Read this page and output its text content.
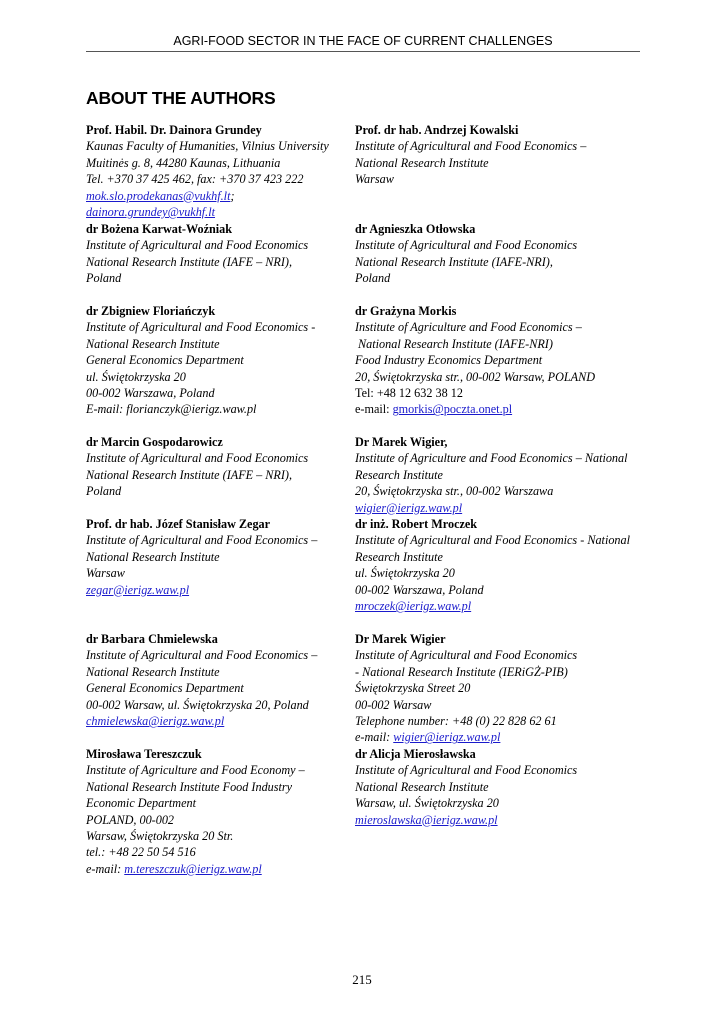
AGRI-FOOD SECTOR IN THE FACE OF CURRENT CHALLENGES
ABOUT THE AUTHORS
Prof. Habil. Dr. Dainora Grundey
Kaunas Faculty of Humanities, Vilnius University
Muitinės g. 8, 44280 Kaunas, Lithuania
Tel. +370 37 425 462, fax: +370 37 423 222
mok.slo.prodekanas@vukhf.lt;
dainora.grundey@vukhf.lt
dr Bożena Karwat-Woźniak
Institute of Agricultural and Food Economics
National Research Institute (IAFE – NRI),
Poland
dr Zbigniew Floriańczyk
Institute of Agricultural and Food Economics -
National Research Institute
General Economics Department
ul. Świętokrzyska 20
00-002 Warszawa, Poland
E-mail: florianczyk@ierigz.waw.pl
dr Marcin Gospodarowicz
Institute of Agricultural and Food Economics
National Research Institute (IAFE – NRI),
Poland
Prof. dr hab. Józef Stanisław Zegar
Institute of Agricultural and Food Economics –
National Research Institute
Warsaw
zegar@ierigz.waw.pl
dr Barbara Chmielewska
Institute of Agricultural and Food Economics –
National Research Institute
General Economics Department
00-002 Warsaw, ul. Świętokrzyska 20, Poland
chmielewska@ierigz.waw.pl
Mirosława Tereszczuk
Institute of Agriculture and Food Economy –
National Research Institute Food Industry
Economic Department
POLAND, 00-002
Warsaw, Świętokrzyska 20 Str.
tel.: +48 22 50 54 516
e-mail: m.tereszczuk@ierigz.waw.pl
Prof. dr hab. Andrzej Kowalski
Institute of Agricultural and Food Economics –
National Research Institute
Warsaw
dr Agnieszka Otłowska
Institute of Agricultural and Food Economics
National Research Institute (IAFE-NRI),
Poland
dr Grażyna Morkis
Institute of Agriculture and Food Economics –
National Research Institute (IAFE-NRI)
Food Industry Economics Department
20, Świętokrzyska str., 00-002 Warsaw, POLAND
Tel: +48 12 632 38 12
e-mail: gmorkis@poczta.onet.pl
Dr Marek Wigier,
Institute of Agriculture and Food Economics – National
Research Institute
20, Świętokrzyska str., 00-002 Warszawa
wigier@ierigz.waw.pl
dr inż. Robert Mroczek
Institute of Agricultural and Food Economics - National
Research Institute
ul. Świętokrzyska 20
00-002 Warszawa, Poland
mroczek@ierigz.waw.pl
Dr Marek Wigier
Institute of Agricultural and Food Economics
- National Research Institute (IERiGŻ-PIB)
Świętokrzyska Street 20
00-002 Warsaw
Telephone number: +48 (0) 22 828 62 61
e-mail: wigier@ierigz.waw.pl
dr Alicja Mierosławska
Institute of Agricultural and Food Economics
National Research Institute
Warsaw, ul. Świętokrzyska 20
mieroslawska@ierigz.waw.pl
215
